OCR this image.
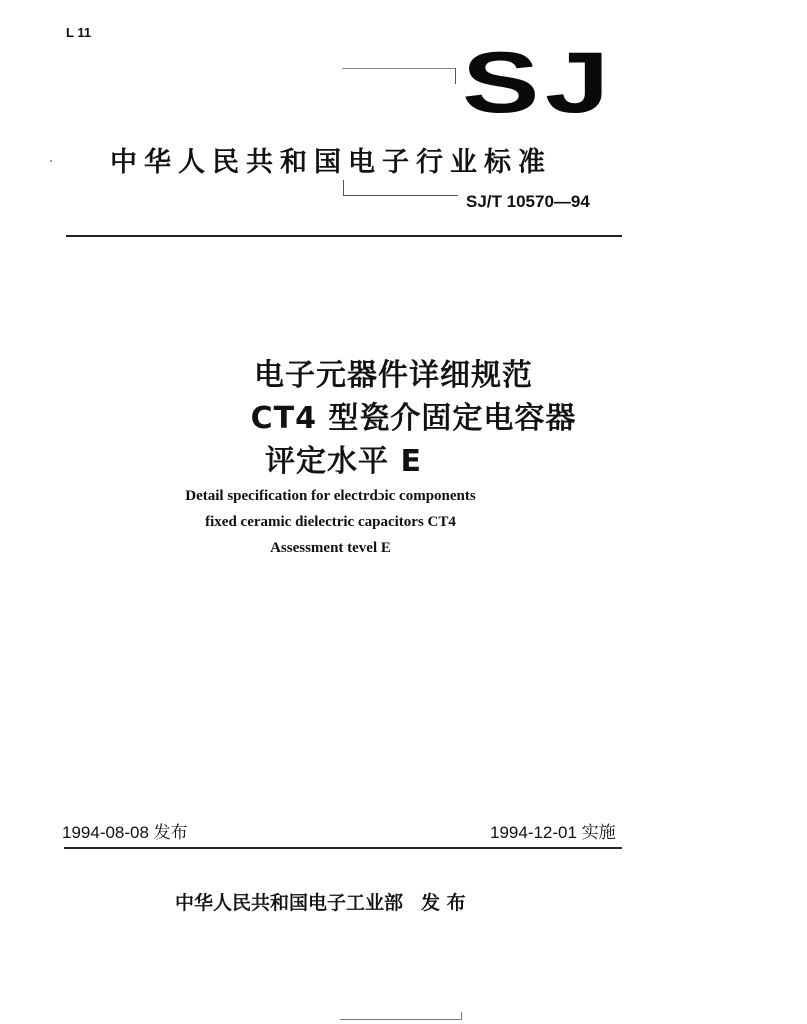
L 11
SJ
中华人民共和国电子行业标准
SJ/T 10570—94
电子元器件详细规范
CT4 型瓷介固定电容器
评定水平 E
Detail specification for electrdɔic components
fixed ceramic dielectric capacitors CT4
Assessment tevel E
1994-08-08 发布	1994-12-01 实施
中华人民共和国电子工业部 发 布
